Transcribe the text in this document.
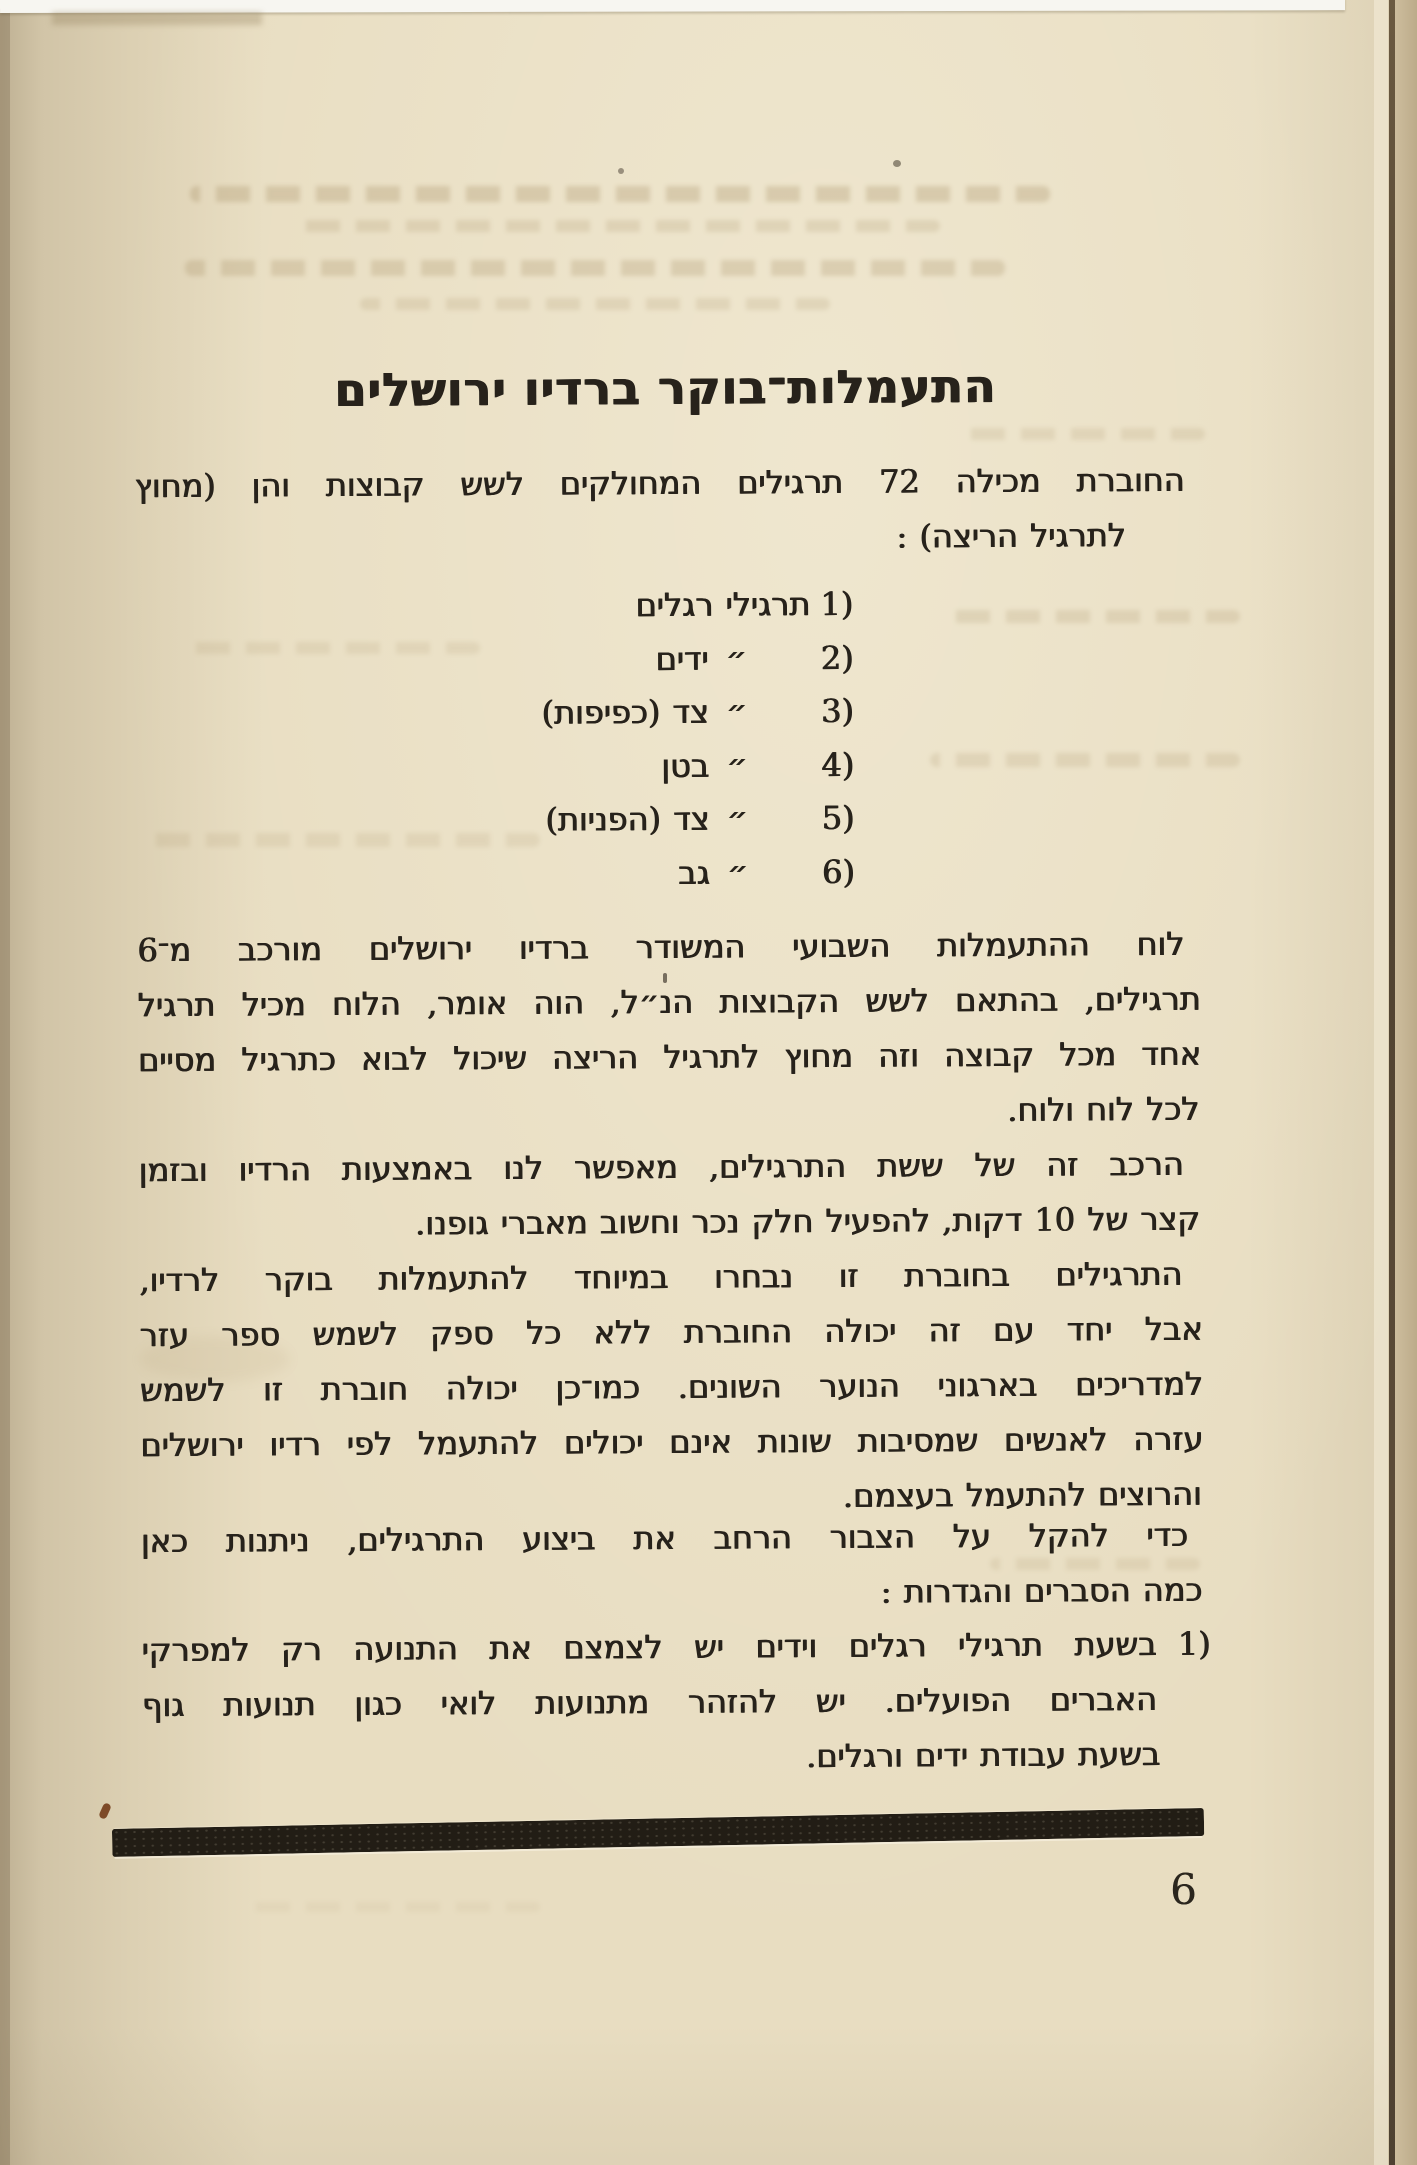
התעמלות־בוקר ברדיו ירושלים
החוברת מכילה 72 תרגילים המחולקים לשש קבוצות והן (מחוץ
לתרגיל הריצה) :
1)
תרגילי רגלים
2)
״
ידים
3)
״
צד (כפיפות)
4)
״
בטן
5)
״
צד (הפניות)
6)
״
גב
לוח ההתעמלות השבועי המשודר ברדיו ירושלים מורכב מ־6
תרגילים, בהתאם לשש הקבוצות הנ״ל, הוה אומר, הלוח מכיל תרגיל
אחד מכל קבוצה וזה מחוץ לתרגיל הריצה שיכול לבוא כתרגיל מסיים
לכל לוח ולוח.
הרכב זה של ששת התרגילים, מאפשר לנו באמצעות הרדיו ובזמן
קצר של 10 דקות, להפעיל חלק נכר וחשוב מאברי גופנו.
התרגילים בחוברת זו נבחרו במיוחד להתעמלות בוקר לרדיו,
אבל יחד עם זה יכולה החוברת ללא כל ספק לשמש ספר עזר
למדריכים בארגוני הנוער השונים. כמו־כן יכולה חוברת זו לשמש
עזרה לאנשים שמסיבות שונות אינם יכולים להתעמל לפי רדיו ירושלים
והרוצים להתעמל בעצמם.
כדי להקל על הצבור הרחב את ביצוע התרגילים, ניתנות כאן
כמה הסברים והגדרות :
1)
בשעת תרגילי רגלים וידים יש לצמצם את התנועה רק למפרקי
האברים הפועלים. יש להזהר מתנועות לואי כגון תנועות גוף
בשעת עבודת ידים ורגלים.
6
